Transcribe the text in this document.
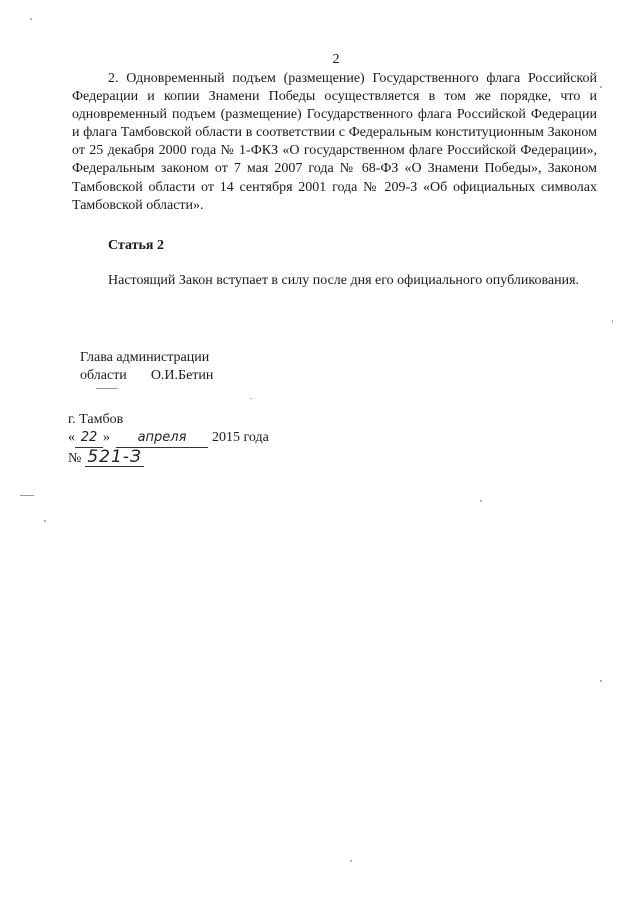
2

2. Одновременный подъем (размещение) Государственного флага Российской Федерации и копии Знамени Победы осуществляется в том же порядке, что и одновременный подъем (размещение) Государственного флага Российской Федерации и флага Тамбовской области в соответствии с Федеральным конституционным Законом от 25 декабря 2000 года № 1-ФКЗ «О государственном флаге Российской Федерации», Федеральным законом от 7 мая 2007 года № 68-ФЗ «О Знамени Победы», Законом Тамбовской области от 14 сентября 2001 года № 209-З «Об официальных символах Тамбовской области».

Статья 2

Настоящий Закон вступает в силу после дня его официального опубликования.

Глава администрации
области О.И.Бетин
г. Тамбов
« 22 »	апреля	2015 года
№ 521-З
